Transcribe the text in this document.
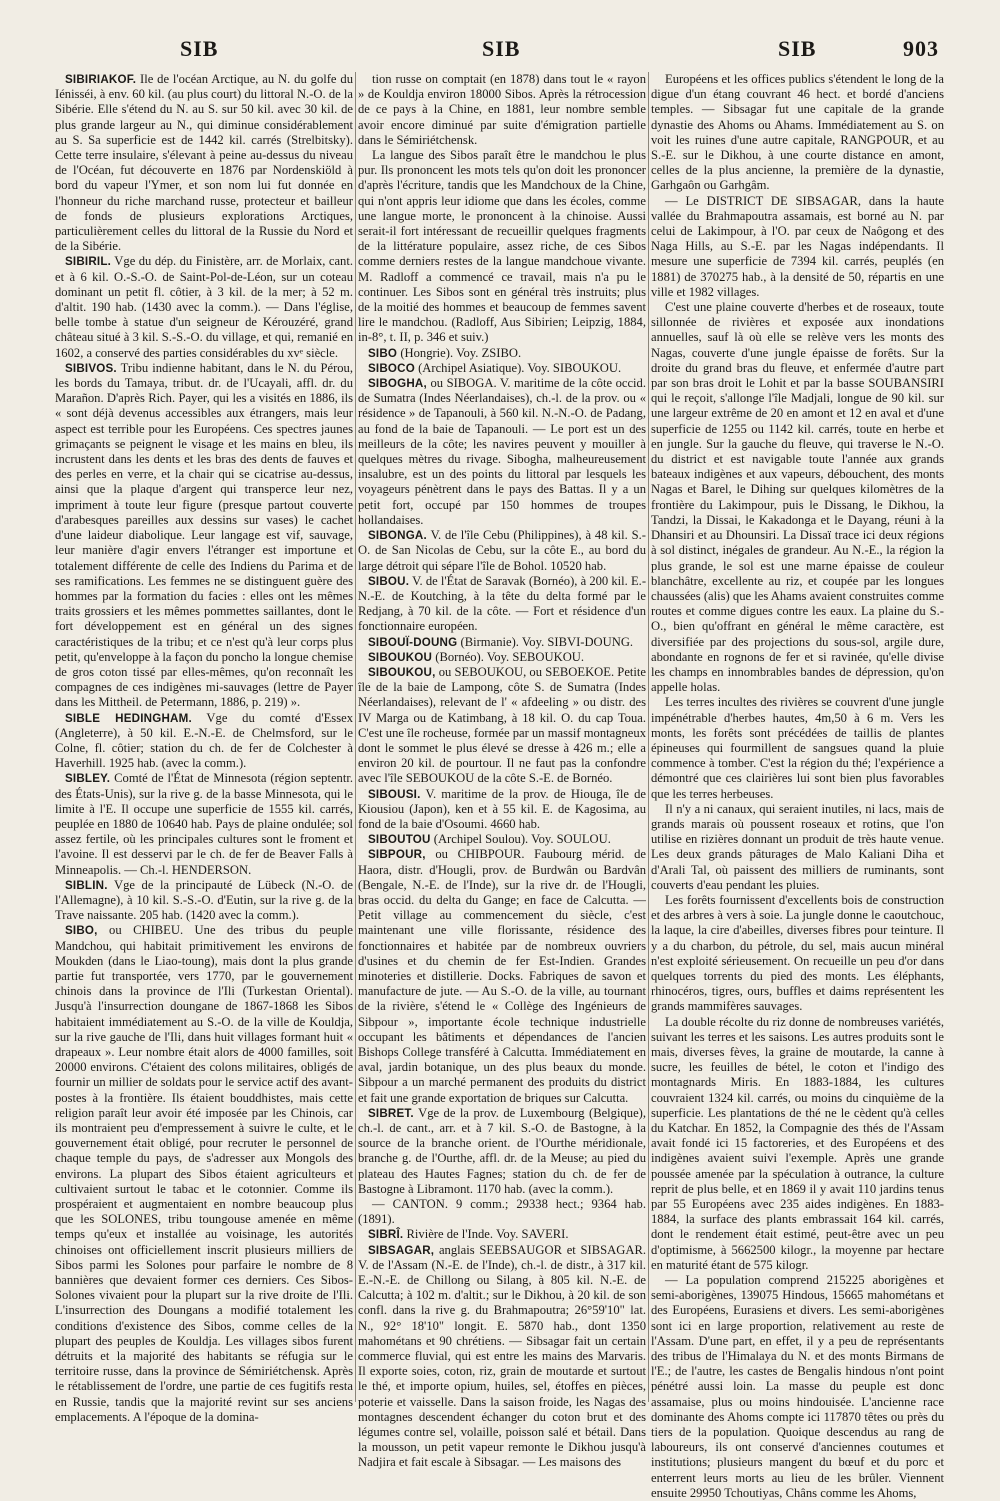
SIB	SIB	SIB	903

SIBIRIAKOF. Ile de l'océan Arctique, au N. du golfe du Iénisséi, à env. 60 kil. (au plus court) du littoral N.-O. de la Sibérie. Elle s'étend du N. au S. sur 50 kil. avec 30 kil. de plus grande largeur au N., qui diminue considérablement au S. Sa superficie est de 1442 kil. carrés (Strelbitsky). Cette terre insulaire, s'élevant à peine au-dessus du niveau de l'Océan, fut découverte en 1876 par Nordenskiöld à bord du vapeur l'Ymer, et son nom lui fut donnée en l'honneur du riche marchand russe, protecteur et bailleur de fonds de plusieurs explorations Arctiques, particulièrement celles du littoral de la Russie du Nord et de la Sibérie.

SIBIRIL. Vge du dép. du Finistère, arr. de Morlaix, cant. et à 6 kil. O.-S.-O. de Saint-Pol-de-Léon, sur un coteau dominant un petit fl. côtier, à 3 kil. de la mer; à 52 m. d'altit. 190 hab. (1430 avec la comm.). — Dans l'église, belle tombe à statue d'un seigneur de Kérouzéré, grand château situé à 3 kil. S.-S.-O. du village, et qui, remanié en 1602, a conservé des parties considérables du xvᵉ siècle.

SIBIVOS. Tribu indienne habitant, dans le N. du Pérou, les bords du Tamaya, tribut. dr. de l'Ucayali, affl. dr. du Marañon. D'après Rich. Payer, qui les a visités en 1886, ils « sont déjà devenus accessibles aux étrangers, mais leur aspect est terrible pour les Européens. Ces spectres jaunes grimaçants se peignent le visage et les mains en bleu, ils incrustent dans les dents et les bras des dents de fauves et des perles en verre, et la chair qui se cicatrise au-dessus, ainsi que la plaque d'argent qui transperce leur nez, impriment à toute leur figure (presque partout couverte d'arabesques pareilles aux dessins sur vases) le cachet d'une laideur diabolique. Leur langage est vif, sauvage, leur manière d'agir envers l'étranger est importune et totalement différente de celle des Indiens du Parima et de ses ramifications. Les femmes ne se distinguent guère des hommes par la formation du facies : elles ont les mêmes traits grossiers et les mêmes pommettes saillantes, dont le fort développement est en général un des signes caractéristiques de la tribu; et ce n'est qu'à leur corps plus petit, qu'enveloppe à la façon du poncho la longue chemise de gros coton tissé par elles-mêmes, qu'on reconnaît les compagnes de ces indigènes mi-sauvages (lettre de Payer dans les Mittheil. de Petermann, 1886, p. 219) ».

SIBLE HEDINGHAM. Vge du comté d'Essex (Angleterre), à 50 kil. E.-N.-E. de Chelmsford, sur le Colne, fl. côtier; station du ch. de fer de Colchester à Haverhill. 1925 hab. (avec la comm.).

SIBLEY. Comté de l'État de Minnesota (région septentr. des États-Unis), sur la rive g. de la basse Minnesota, qui le limite à l'E. Il occupe une superficie de 1555 kil. carrés, peuplée en 1880 de 10640 hab. Pays de plaine ondulée; sol assez fertile, où les principales cultures sont le froment et l'avoine. Il est desservi par le ch. de fer de Beaver Falls à Minneapolis. — Ch.-l. HENDERSON.

SIBLIN. Vge de la principauté de Lübeck (N.-O. de l'Allemagne), à 10 kil. S.-S.-O. d'Eutin, sur la rive g. de la Trave naissante. 205 hab. (1420 avec la comm.).

SIBO, ou CHIBEU. Une des tribus du peuple Mandchou, qui habitait primitivement les environs de Moukden (dans le Liao-toung), mais dont la plus grande partie fut transportée, vers 1770, par le gouvernement chinois dans la province de l'Ili (Turkestan Oriental). Jusqu'à l'insurrection doungane de 1867-1868 les Sibos habitaient immédiatement au S.-O. de la ville de Kouldja, sur la rive gauche de l'Ili, dans huit villages formant huit « drapeaux ». Leur nombre était alors de 4000 familles, soit 20000 environs. C'étaient des colons militaires, obligés de fournir un millier de soldats pour le service actif des avant-postes à la frontière. Ils étaient bouddhistes, mais cette religion paraît leur avoir été imposée par les Chinois, car ils montraient peu d'empressement à suivre le culte, et le gouvernement était obligé, pour recruter le personnel de chaque temple du pays, de s'adresser aux Mongols des environs. La plupart des Sibos étaient agriculteurs et cultivaient surtout le tabac et le cotonnier. Comme ils prospéraient et augmentaient en nombre beaucoup plus que les SOLONES, tribu toungouse amenée en même temps qu'eux et installée au voisinage, les autorités chinoises ont officiellement inscrit plusieurs milliers de Sibos parmi les Solones pour parfaire le nombre de 8 bannières que devaient former ces derniers. Ces Sibos-Solones vivaient pour la plupart sur la rive droite de l'Ili. L'insurrection des Doungans a modifié totalement les conditions d'existence des Sibos, comme celles de la plupart des peuples de Kouldja. Les villages sibos furent détruits et la majorité des habitants se réfugia sur le territoire russe, dans la province de Sémiriétchensk. Après le rétablissement de l'ordre, une partie de ces fugitifs resta en Russie, tandis que la majorité revint sur ses anciens emplacements. A l'époque de la domina-

tion russe on comptait (en 1878) dans tout le « rayon » de Kouldja environ 18000 Sibos. Après la rétrocession de ce pays à la Chine, en 1881, leur nombre semble avoir encore diminué par suite d'émigration partielle dans le Sémiriétchensk.

La langue des Sibos paraît être le mandchou le plus pur. Ils prononcent les mots tels qu'on doit les prononcer d'après l'écriture, tandis que les Mandchoux de la Chine, qui n'ont appris leur idiome que dans les écoles, comme une langue morte, le prononcent à la chinoise. Aussi serait-il fort intéressant de recueillir quelques fragments de la littérature populaire, assez riche, de ces Sibos comme derniers restes de la langue mandchoue vivante. M. Radloff a commencé ce travail, mais n'a pu le continuer. Les Sibos sont en général très instruits; plus de la moitié des hommes et beaucoup de femmes savent lire le mandchou. (Radloff, Aus Sibirien; Leipzig, 1884, in-8°, t. II, p. 346 et suiv.)

SIBO (Hongrie). Voy. ZSIBO.

SIBOCO (Archipel Asiatique). Voy. SIBOUKOU.

SIBOGHA, ou SIBOGA. V. maritime de la côte occid. de Sumatra (Indes Néerlandaises), ch.-l. de la prov. ou « résidence » de Tapanouli, à 560 kil. N.-N.-O. de Padang, au fond de la baie de Tapanouli. — Le port est un des meilleurs de la côte; les navires peuvent y mouiller à quelques mètres du rivage. Sibogha, malheureusement insalubre, est un des points du littoral par lesquels les voyageurs pénètrent dans le pays des Battas. Il y a un petit fort, occupé par 150 hommes de troupes hollandaises.

SIBONGA. V. de l'île Cebu (Philippines), à 48 kil. S.-O. de San Nicolas de Cebu, sur la côte E., au bord du large détroit qui sépare l'île de Bohol. 10520 hab.

SIBOU. V. de l'État de Saravak (Bornéo), à 200 kil. E.-N.-E. de Koutching, à la tête du delta formé par le Redjang, à 70 kil. de la côte. — Fort et résidence d'un fonctionnaire européen.

SIBOUÏ-DOUNG (Birmanie). Voy. SIBVI-DOUNG.

SIBOUKOU (Bornéo). Voy. SEBOUKOU.

SIBOUKOU, ou SEBOUKOU, ou SEBOEKOE. Petite île de la baie de Lampong, côte S. de Sumatra (Indes Néerlandaises), relevant de l' « afdeeling » ou distr. des IV Marga ou de Katimbang, à 18 kil. O. du cap Toua. C'est une île rocheuse, formée par un massif montagneux dont le sommet le plus élevé se dresse à 426 m.; elle a environ 20 kil. de pourtour. Il ne faut pas la confondre avec l'île SEBOUKOU de la côte S.-E. de Bornéo.

SIBOUSI. V. maritime de la prov. de Hiouga, île de Kiousiou (Japon), ken et à 55 kil. E. de Kagosima, au fond de la baie d'Osoumi. 4660 hab.

SIBOUTOU (Archipel Soulou). Voy. SOULOU.

SIBPOUR, ou CHIBPOUR. Faubourg mérid. de Haora, distr. d'Hougli, prov. de Burdwân ou Bardvân (Bengale, N.-E. de l'Inde), sur la rive dr. de l'Hougli, bras occid. du delta du Gange; en face de Calcutta. — Petit village au commencement du siècle, c'est maintenant une ville florissante, résidence des fonctionnaires et habitée par de nombreux ouvriers d'usines et du chemin de fer Est-Indien. Grandes minoteries et distillerie. Docks. Fabriques de savon et manufacture de jute. — Au S.-O. de la ville, au tournant de la rivière, s'étend le « Collège des Ingénieurs de Sibpour », importante école technique industrielle occupant les bâtiments et dépendances de l'ancien Bishops College transféré à Calcutta. Immédiatement en aval, jardin botanique, un des plus beaux du monde. Sibpour a un marché permanent des produits du district et fait une grande exportation de briques sur Calcutta.

SIBRET. Vge de la prov. de Luxembourg (Belgique), ch.-l. de cant., arr. et à 7 kil. S.-O. de Bastogne, à la source de la branche orient. de l'Ourthe méridionale, branche g. de l'Ourthe, affl. dr. de la Meuse; au pied du plateau des Hautes Fagnes; station du ch. de fer de Bastogne à Libramont. 1170 hab. (avec la comm.).

— CANTON. 9 comm.; 29338 hect.; 9364 hab. (1891).

SIBRÎ. Rivière de l'Inde. Voy. SAVERI.

SIBSAGAR, anglais SEEBSAUGOR et SIBSAGAR. V. de l'Assam (N.-E. de l'Inde), ch.-l. de distr., à 317 kil. E.-N.-E. de Chillong ou Silang, à 805 kil. N.-E. de Calcutta; à 102 m. d'altit.; sur le Dikhou, à 20 kil. de son confl. dans la rive g. du Brahmapoutra; 26°59'10" lat. N., 92° 18'10" longit. E. 5870 hab., dont 1350 mahométans et 90 chrétiens. — Sibsagar fait un certain commerce fluvial, qui est entre les mains des Marvaris. Il exporte soies, coton, riz, grain de moutarde et surtout le thé, et importe opium, huiles, sel, étoffes en pièces, poterie et vaisselle. Dans la saison froide, les Nagas des montagnes descendent échanger du coton brut et des légumes contre sel, volaille, poisson salé et bétail. Dans la mousson, un petit vapeur remonte le Dikhou jusqu'à Nadjira et fait escale à Sibsagar. — Les maisons des

Européens et les offices publics s'étendent le long de la digue d'un étang couvrant 46 hect. et bordé d'anciens temples. — Sibsagar fut une capitale de la grande dynastie des Ahoms ou Ahams. Immédiatement au S. on voit les ruines d'une autre capitale, RANGPOUR, et au S.-E. sur le Dikhou, à une courte distance en amont, celles de la plus ancienne, la première de la dynastie, Garhgaôn ou Garhgâm.

— Le DISTRICT DE SIBSAGAR, dans la haute vallée du Brahmapoutra assamais, est borné au N. par celui de Lakimpour, à l'O. par ceux de Naôgong et des Naga Hills, au S.-E. par les Nagas indépendants. Il mesure une superficie de 7394 kil. carrés, peuplés (en 1881) de 370275 hab., à la densité de 50, répartis en une ville et 1982 villages.

C'est une plaine couverte d'herbes et de roseaux, toute sillonnée de rivières et exposée aux inondations annuelles, sauf là où elle se relève vers les monts des Nagas, couverte d'une jungle épaisse de forêts. Sur la droite du grand bras du fleuve, et enfermée d'autre part par son bras droit le Lohit et par la basse SOUBANSIRI qui le reçoit, s'allonge l'île Madjali, longue de 90 kil. sur une largeur extrême de 20 en amont et 12 en aval et d'une superficie de 1255 ou 1142 kil. carrés, toute en herbe et en jungle. Sur la gauche du fleuve, qui traverse le N.-O. du district et est navigable toute l'année aux grands bateaux indigènes et aux vapeurs, débouchent, des monts Nagas et Barel, le Dihing sur quelques kilomètres de la frontière du Lakimpour, puis le Dissang, le Dikhou, la Tandzi, la Dissai, le Kakadonga et le Dayang, réuni à la Dhansiri et au Dhounsiri. La Dissaï trace ici deux régions à sol distinct, inégales de grandeur. Au N.-E., la région la plus grande, le sol est une marne épaisse de couleur blanchâtre, excellente au riz, et coupée par les longues chaussées (alis) que les Ahams avaient construites comme routes et comme digues contre les eaux. La plaine du S.-O., bien qu'offrant en général le même caractère, est diversifiée par des projections du sous-sol, argile dure, abondante en rognons de fer et si ravinée, qu'elle divise les champs en innombrables bandes de dépression, qu'on appelle holas.

Les terres incultes des rivières se couvrent d'une jungle impénétrable d'herbes hautes, 4m,50 à 6 m. Vers les monts, les forêts sont précédées de taillis de plantes épineuses qui fourmillent de sangsues quand la pluie commence à tomber. C'est la région du thé; l'expérience a démontré que ces clairières lui sont bien plus favorables que les terres herbeuses.

Il n'y a ni canaux, qui seraient inutiles, ni lacs, mais de grands marais où poussent roseaux et rotins, que l'on utilise en rizières donnant un produit de très haute venue. Les deux grands pâturages de Malo Kaliani Diha et d'Arali Tal, où paissent des milliers de ruminants, sont couverts d'eau pendant les pluies.

Les forêts fournissent d'excellents bois de construction et des arbres à vers à soie. La jungle donne le caoutchouc, la laque, la cire d'abeilles, diverses fibres pour teinture. Il y a du charbon, du pétrole, du sel, mais aucun minéral n'est exploité sérieusement. On recueille un peu d'or dans quelques torrents du pied des monts. Les éléphants, rhinocéros, tigres, ours, buffles et daims représentent les grands mammifères sauvages.

La double récolte du riz donne de nombreuses variétés, suivant les terres et les saisons. Les autres produits sont le mais, diverses fèves, la graine de moutarde, la canne à sucre, les feuilles de bétel, le coton et l'indigo des montagnards Miris. En 1883-1884, les cultures couvraient 1324 kil. carrés, ou moins du cinquième de la superficie. Les plantations de thé ne le cèdent qu'à celles du Katchar. En 1852, la Compagnie des thés de l'Assam avait fondé ici 15 factoreries, et des Européens et des indigènes avaient suivi l'exemple. Après une grande poussée amenée par la spéculation à outrance, la culture reprit de plus belle, et en 1869 il y avait 110 jardins tenus par 55 Européens avec 235 aides indigènes. En 1883-1884, la surface des plants embrassait 164 kil. carrés, dont le rendement était estimé, peut-être avec un peu d'optimisme, à 5662500 kilogr., la moyenne par hectare en maturité étant de 575 kilogr.

— La population comprend 215225 aborigènes et semi-aborigènes, 139075 Hindous, 15665 mahométans et des Européens, Eurasiens et divers. Les semi-aborigènes sont ici en large proportion, relativement au reste de l'Assam. D'une part, en effet, il y a peu de représentants des tribus de l'Himalaya du N. et des monts Birmans de l'E.; de l'autre, les castes de Bengalis hindous n'ont point pénétré aussi loin. La masse du peuple est donc assamaise, plus ou moins hindouisée. L'ancienne race dominante des Ahoms compte ici 117870 têtes ou près du tiers de la population. Quoique descendus au rang de laboureurs, ils ont conservé d'anciennes coutumes et institutions; plusieurs mangent du bœuf et du porc et enterrent leurs morts au lieu de les brûler. Viennent ensuite 29950 Tchoutiyas, Châns comme les Ahoms,
